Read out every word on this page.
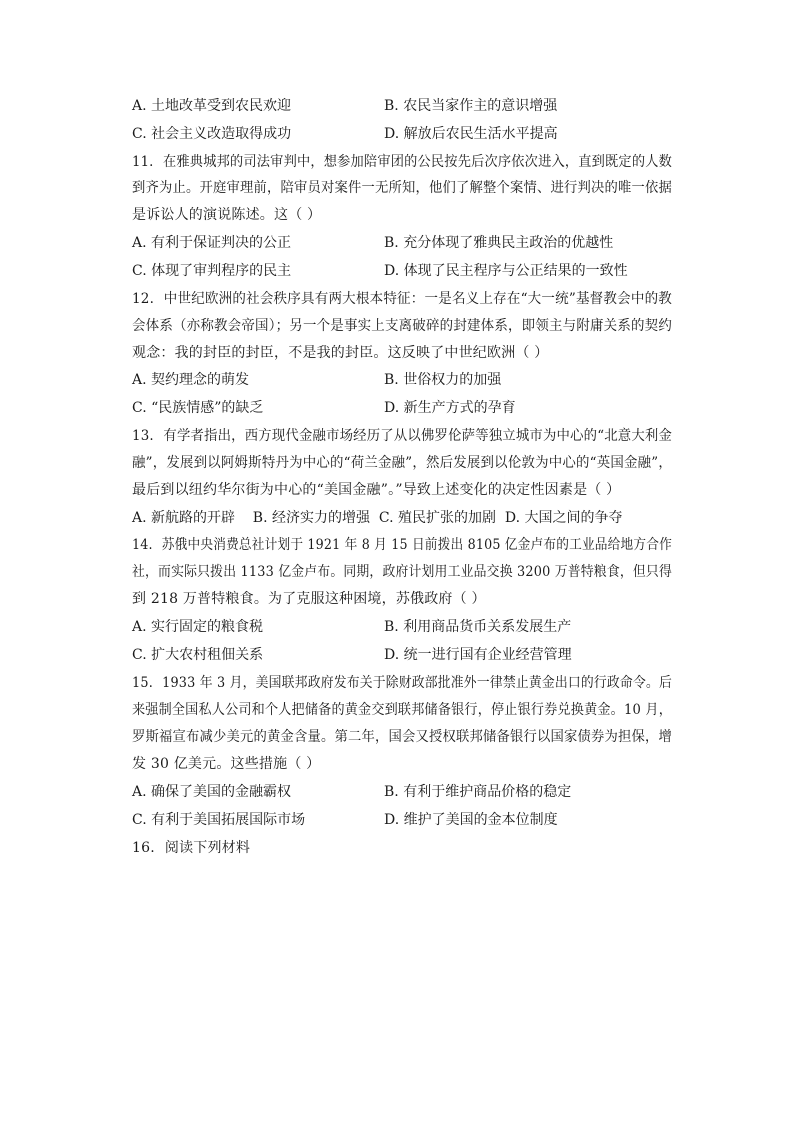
A. 土地改革受到农民欢迎	B. 农民当家作主的意识增强
C. 社会主义改造取得成功	D. 解放后农民生活水平提高
11. 在雅典城邦的司法审判中，想参加陪审团的公民按先后次序依次进入，直到既定的人数
到齐为止。开庭审理前，陪审员对案件一无所知，他们了解整个案情、进行判决的唯一依据
是诉讼人的演说陈述。这（ ）
A. 有利于保证判决的公正	B. 充分体现了雅典民主政治的优越性
C. 体现了审判程序的民主	D. 体现了民主程序与公正结果的一致性
12. 中世纪欧洲的社会秩序具有两大根本特征：一是名义上存在“大一统”基督教会中的教
会体系（亦称教会帝国）；另一个是事实上支离破碎的封建体系，即领主与附庸关系的契约
观念：我的封臣的封臣，不是我的封臣。这反映了中世纪欧洲（ ）
A. 契约理念的萌发	B. 世俗权力的加强
C. “民族情感”的缺乏	D. 新生产方式的孕育
13. 有学者指出，西方现代金融市场经历了从以佛罗伦萨等独立城市为中心的“北意大利金
融”，发展到以阿姆斯特丹为中心的“荷兰金融”，然后发展到以伦敦为中心的“英国金融”，
最后到以纽约华尔街为中心的“美国金融”。”导致上述变化的决定性因素是（ ）
A. 新航路的开辟    B. 经济实力的增强  C. 殖民扩张的加剧  D. 大国之间的争夺
14. 苏俄中央消费总社计划于 1921 年 8 月 15 日前拨出 8105 亿金卢布的工业品给地方合作
社，而实际只拨出 1133 亿金卢布。同期，政府计划用工业品交换 3200 万普特粮食，但只得
到 218 万普特粮食。为了克服这种困境，苏俄政府（ ）
A. 实行固定的粮食税	B. 利用商品货币关系发展生产
C. 扩大农村租佃关系	D. 统一进行国有企业经营管理
15. 1933 年 3 月，美国联邦政府发布关于除财政部批准外一律禁止黄金出口的行政命令。后
来强制全国私人公司和个人把储备的黄金交到联邦储备银行，停止银行券兑换黄金。10 月，
罗斯福宣布减少美元的黄金含量。第二年，国会又授权联邦储备银行以国家债券为担保，增
发 30 亿美元。这些措施（ ）
A. 确保了美国的金融霸权	B. 有利于维护商品价格的稳定
C. 有利于美国拓展国际市场	D. 维护了美国的金本位制度
16. 阅读下列材料
